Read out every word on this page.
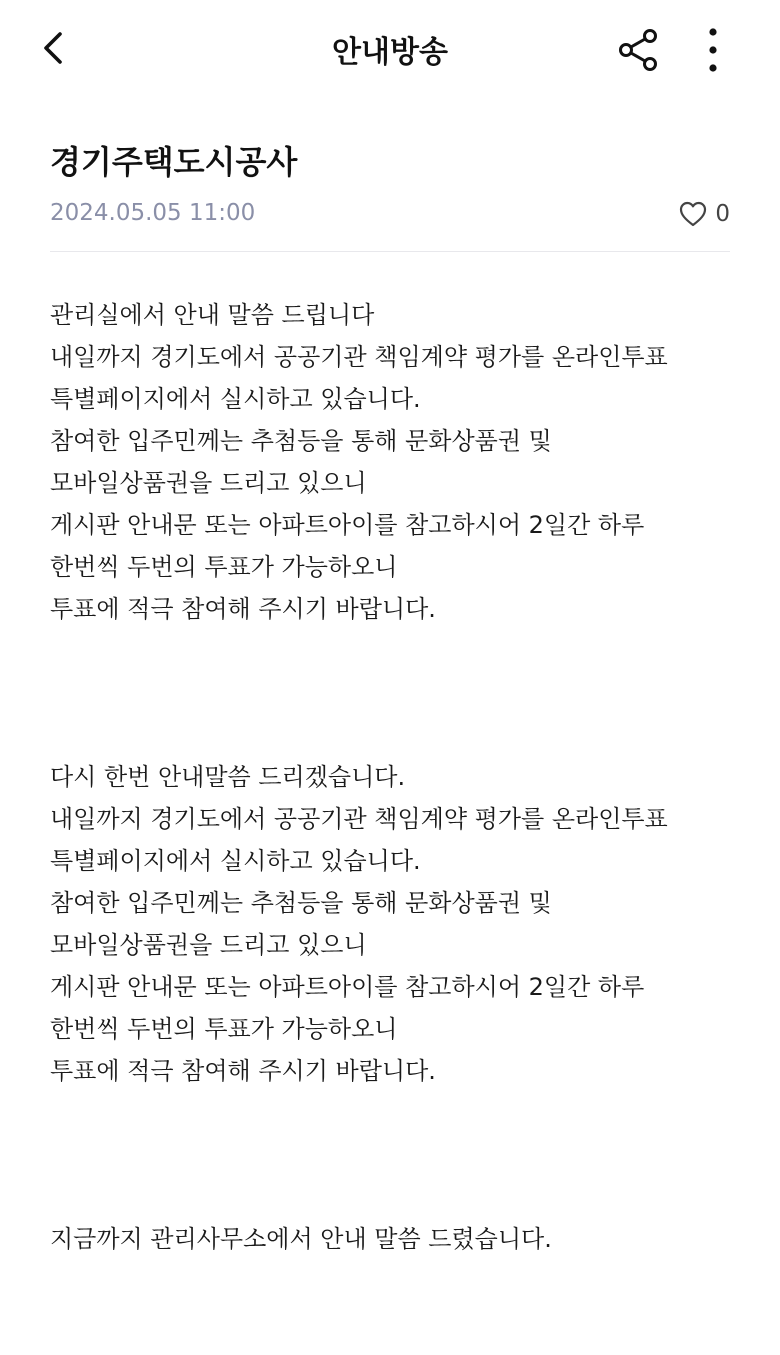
안내방송
경기주택도시공사
2024.05.05 11:00	0
관리실에서 안내 말씀 드립니다
내일까지 경기도에서 공공기관 책임계약 평가를 온라인투표
특별페이지에서 실시하고 있습니다.
참여한 입주민께는 추첨등을 통해 문화상품권 및
모바일상품권을 드리고 있으니
게시판 안내문 또는 아파트아이를 참고하시어 2일간 하루
한번씩 두번의 투표가 가능하오니
투표에 적극 참여해 주시기 바랍니다.
다시 한번 안내말씀 드리겠습니다.
내일까지 경기도에서 공공기관 책임계약 평가를 온라인투표
특별페이지에서 실시하고 있습니다.
참여한 입주민께는 추첨등을 통해 문화상품권 및
모바일상품권을 드리고 있으니
게시판 안내문 또는 아파트아이를 참고하시어 2일간 하루
한번씩 두번의 투표가 가능하오니
투표에 적극 참여해 주시기 바랍니다.
지금까지 관리사무소에서 안내 말씀 드렸습니다.
